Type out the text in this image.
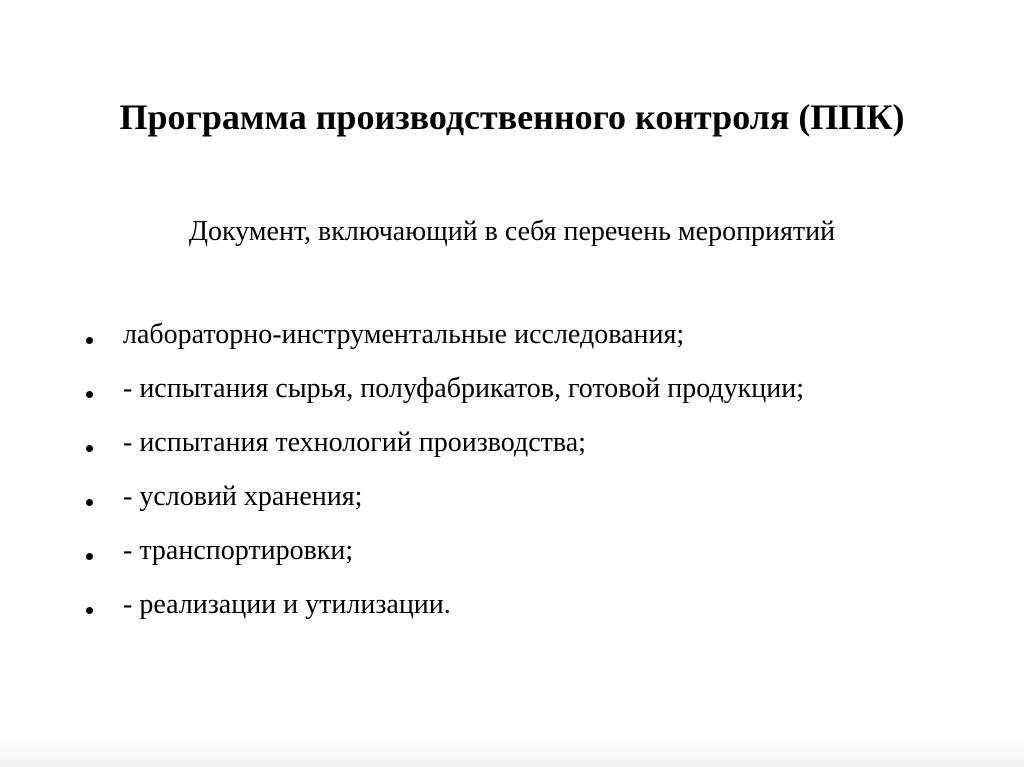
Программа производственного контроля (ППК)

Документ, включающий в себя перечень мероприятий

лабораторно-инструментальные исследования;
- испытания сырья, полуфабрикатов, готовой продукции;
- испытания технологий производства;
- условий хранения;
- транспортировки;
- реализации и утилизации.
